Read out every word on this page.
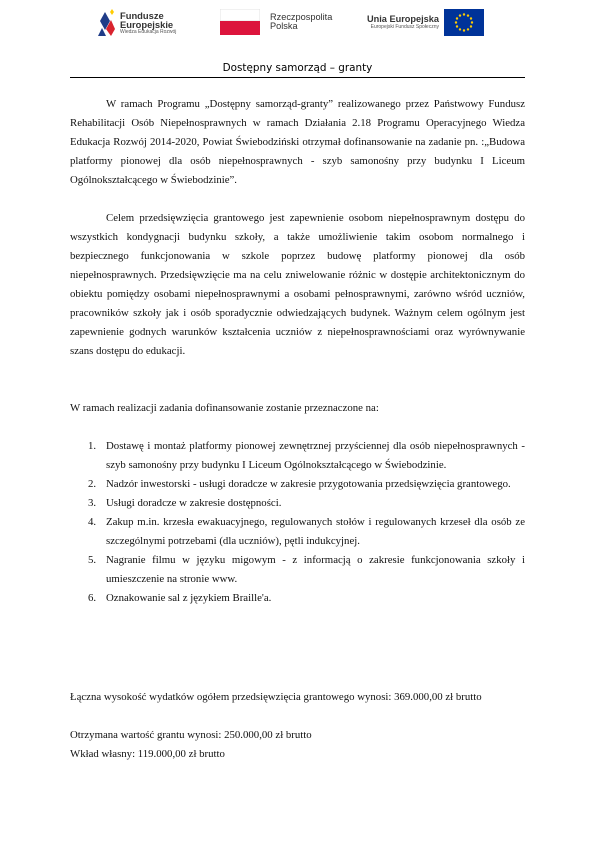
Fundusze
Europejskie
Wiedza Edukacja Rozwój
Rzeczpospolita
Polska
Unia Europejska
Europejski Fundusz Społeczny
Dostępny samorząd – granty

W ramach Programu „Dostępny samorząd-granty” realizowanego przez Państwowy Fundusz Rehabilitacji Osób Niepełnosprawnych w ramach Działania 2.18 Programu Operacyjnego Wiedza Edukacja Rozwój 2014-2020, Powiat Świebodziński otrzymał dofinansowanie na zadanie pn. :„Budowa platformy pionowej dla osób niepełnosprawnych - szyb samonośny przy budynku I Liceum Ogólnokształcącego w Świebodzinie”.

Celem przedsięwzięcia grantowego jest zapewnienie osobom niepełnosprawnym dostępu do wszystkich kondygnacji budynku szkoły, a także umożliwienie takim osobom normalnego i bezpiecznego funkcjonowania w szkole poprzez budowę platformy pionowej dla osób niepełnosprawnych. Przedsięwzięcie ma na celu zniwelowanie różnic w dostępie architektonicznym do obiektu pomiędzy osobami niepełnosprawnymi a osobami pełnosprawnymi, zarówno wśród uczniów, pracowników szkoły jak i osób sporadycznie odwiedzających budynek. Ważnym celem ogólnym jest zapewnienie godnych warunków kształcenia uczniów z niepełnosprawnościami oraz wyrównywanie szans dostępu do edukacji.

W ramach realizacji zadania dofinansowanie zostanie przeznaczone na:

1. Dostawę i montaż platformy pionowej zewnętrznej przyściennej dla osób niepełnosprawnych - szyb samonośny przy budynku I Liceum Ogólnokształcącego w Świebodzinie.
2. Nadzór inwestorski - usługi doradcze w zakresie przygotowania przedsięwzięcia grantowego.
3. Usługi doradcze w zakresie dostępności.
4. Zakup m.in. krzesła ewakuacyjnego, regulowanych stołów i regulowanych krzeseł dla osób ze szczególnymi potrzebami (dla uczniów), pętli indukcyjnej.
5. Nagranie filmu w języku migowym - z informacją o zakresie funkcjonowania szkoły i umieszczenie na stronie www.
6. Oznakowanie sal z językiem Braille'a.

Łączna wysokość wydatków ogółem przedsięwzięcia grantowego wynosi: 369.000,00 zł brutto

Otrzymana wartość grantu wynosi: 250.000,00 zł brutto

Wkład własny: 119.000,00 zł brutto
